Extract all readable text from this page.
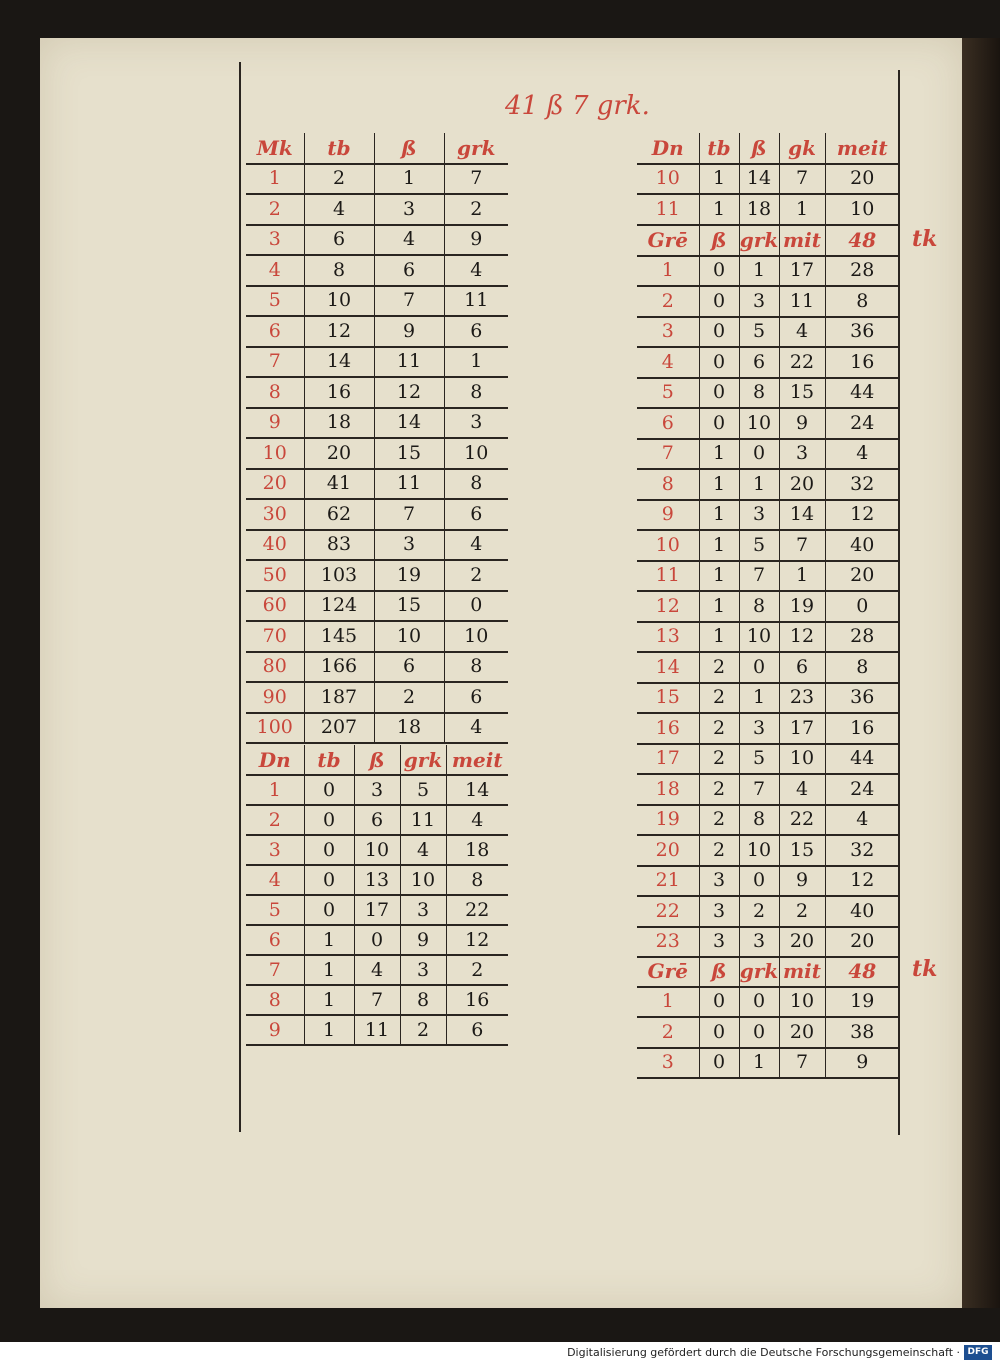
41 ß 7 grk.
Mk	tb	ß	grk
1	2	1	7
2	4	3	2
3	6	4	9
4	8	6	4
5	10	7	11
6	12	9	6
7	14	11	1
8	16	12	8
9	18	14	3
10	20	15	10
20	41	11	8
30	62	7	6
40	83	3	4
50	103	19	2
60	124	15	0
70	145	10	10
80	166	6	8
90	187	2	6
100	207	18	4
Dn	tb	ß	grk	meit
1	0	3	5	14
2	0	6	11	4
3	0	10	4	18
4	0	13	10	8
5	0	17	3	22
6	1	0	9	12
7	1	4	3	2
8	1	7	8	16
9	1	11	2	6
Dn	tb	ß	gk	meit
10	1	14	7	20
11	1	18	1	10
Grē	ß	grk	mit	48
1	0	1	17	28
2	0	3	11	8
3	0	5	4	36
4	0	6	22	16
5	0	8	15	44
6	0	10	9	24
7	1	0	3	4
8	1	1	20	32
9	1	3	14	12
10	1	5	7	40
11	1	7	1	20
12	1	8	19	0
13	1	10	12	28
14	2	0	6	8
15	2	1	23	36
16	2	3	17	16
17	2	5	10	44
18	2	7	4	24
19	2	8	22	4
20	2	10	15	32
21	3	0	9	12
22	3	2	2	40
23	3	3	20	20
Grē	ß	grk	mit	48
1	0	0	10	19
2	0	0	20	38
3	0	1	7	9
tk
tk
Digitalisierung gefördert durch die Deutsche Forschungsgemeinschaft · DFG
